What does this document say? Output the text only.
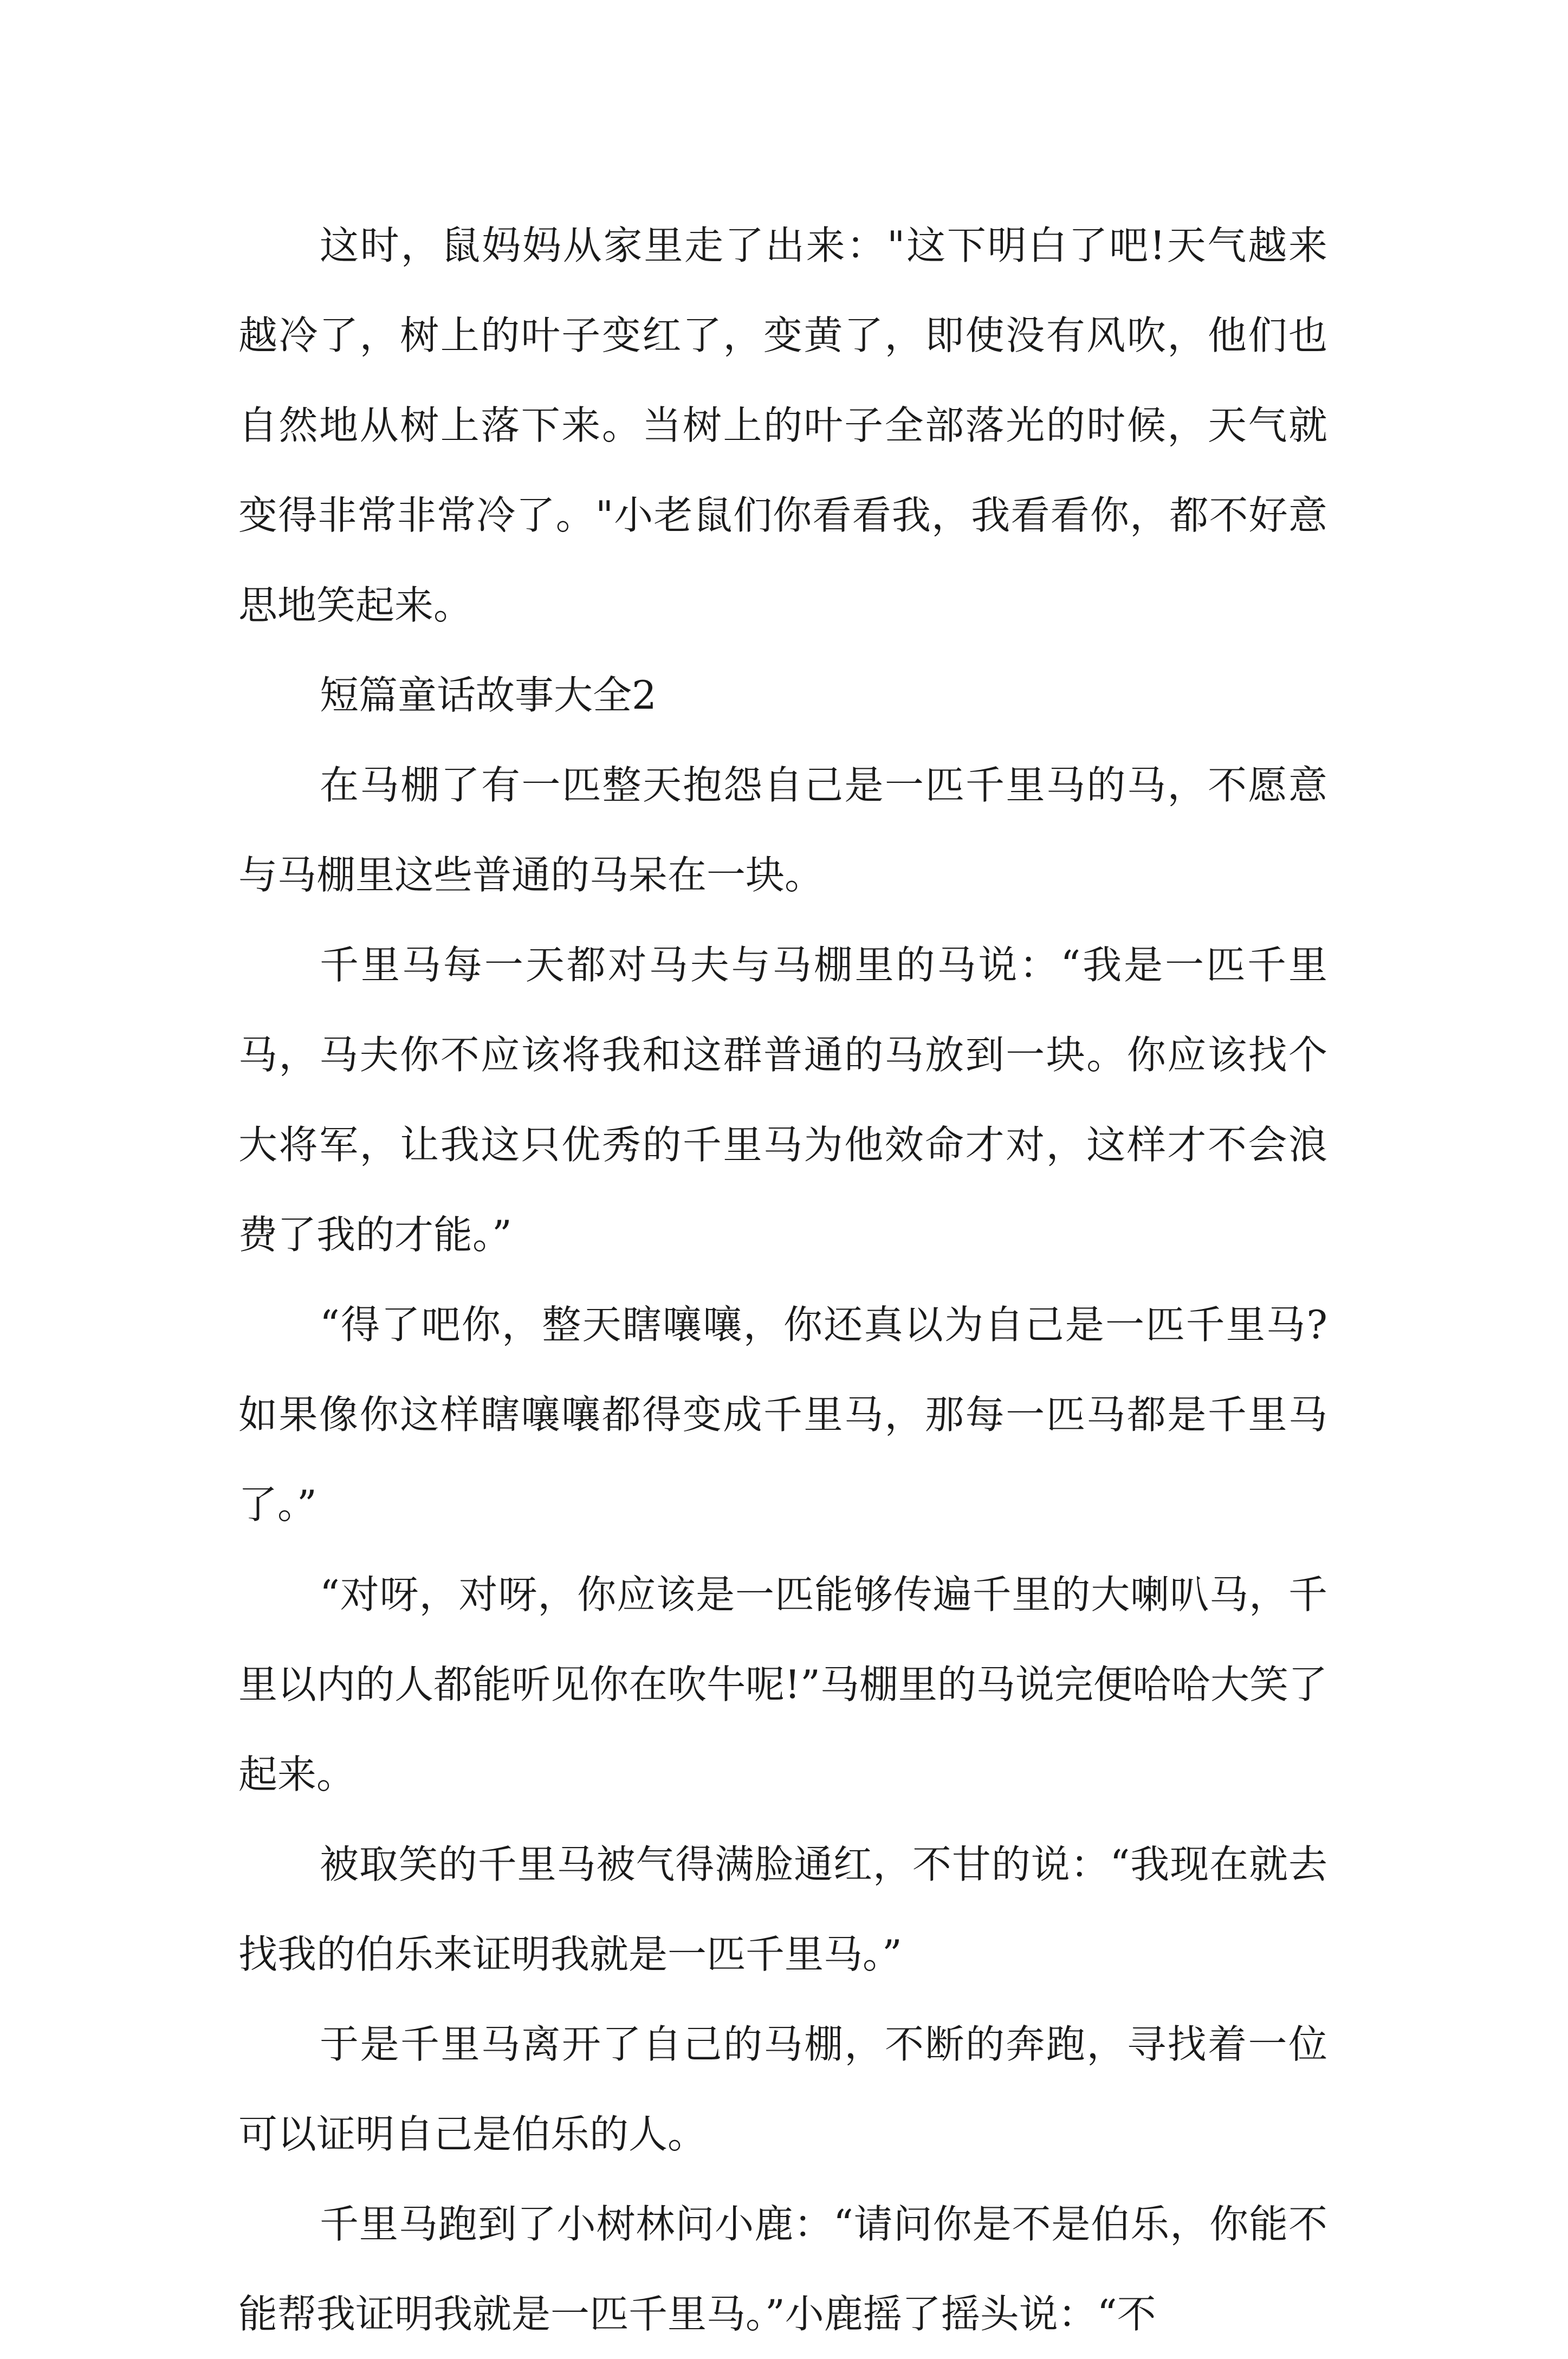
这时，鼠妈妈从家里走了出来："这下明白了吧!天气越来越冷了，树上的叶子变红了，变黄了，即使没有风吹，他们也自然地从树上落下来。当树上的叶子全部落光的时候，天气就变得非常非常冷了。"小老鼠们你看看我，我看看你，都不好意思地笑起来。

短篇童话故事大全2

在马棚了有一匹整天抱怨自己是一匹千里马的马，不愿意与马棚里这些普通的马呆在一块。

千里马每一天都对马夫与马棚里的马说：“我是一匹千里马，马夫你不应该将我和这群普通的马放到一块。你应该找个大将军，让我这只优秀的千里马为他效命才对，这样才不会浪费了我的才能。”

“得了吧你，整天瞎嚷嚷，你还真以为自己是一匹千里马?如果像你这样瞎嚷嚷都得变成千里马，那每一匹马都是千里马了。”

“对呀，对呀，你应该是一匹能够传遍千里的大喇叭马，千里以内的人都能听见你在吹牛呢!”马棚里的马说完便哈哈大笑了起来。

被取笑的千里马被气得满脸通红，不甘的说：“我现在就去找我的伯乐来证明我就是一匹千里马。”

于是千里马离开了自己的马棚，不断的奔跑，寻找着一位可以证明自己是伯乐的人。

千里马跑到了小树林问小鹿：“请问你是不是伯乐，你能不能帮我证明我就是一匹千里马。”小鹿摇了摇头说：“不
